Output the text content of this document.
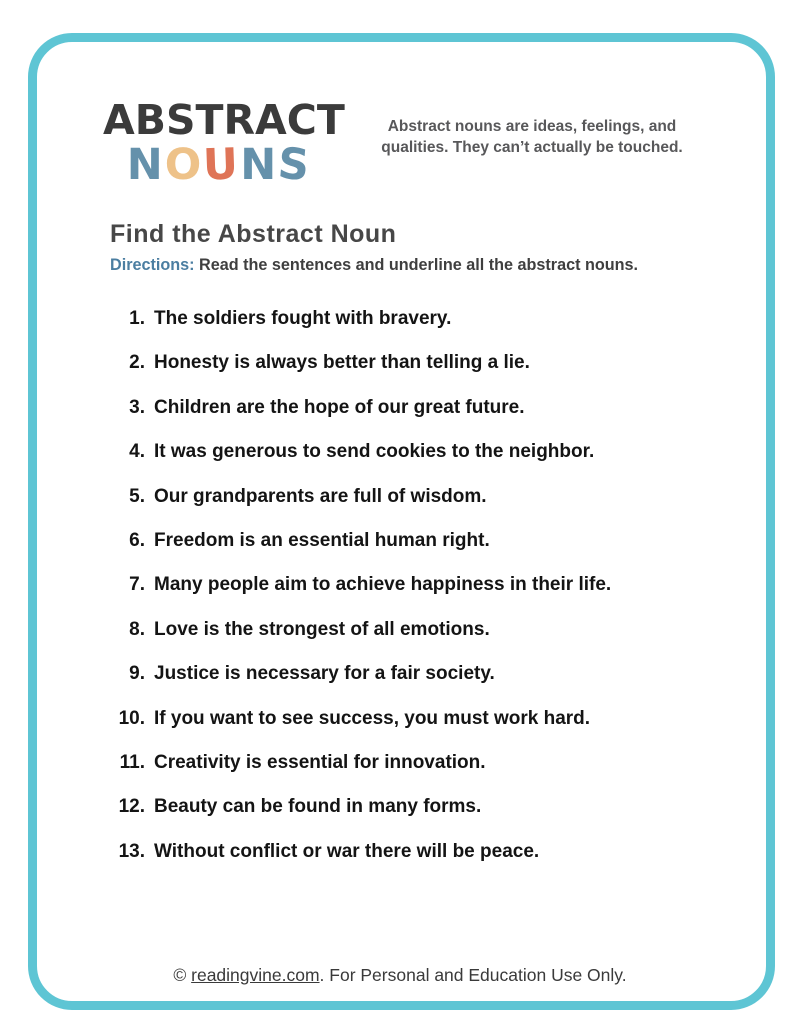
ABSTRACT
NOUNS
Abstract nouns are ideas, feelings, and qualities. They can’t actually be touched.
Find the Abstract Noun

Directions: Read the sentences and underline all the abstract nouns.

1. The soldiers fought with bravery.
2. Honesty is always better than telling a lie.
3. Children are the hope of our great future.
4. It was generous to send cookies to the neighbor.
5. Our grandparents are full of wisdom.
6. Freedom is an essential human right.
7. Many people aim to achieve happiness in their life.
8. Love is the strongest of all emotions.
9. Justice is necessary for a fair society.
10. If you want to see success, you must work hard.
11. Creativity is essential for innovation.
12. Beauty can be found in many forms.
13. Without conflict or war there will be peace.
© readingvine.com. For Personal and Education Use Only.
